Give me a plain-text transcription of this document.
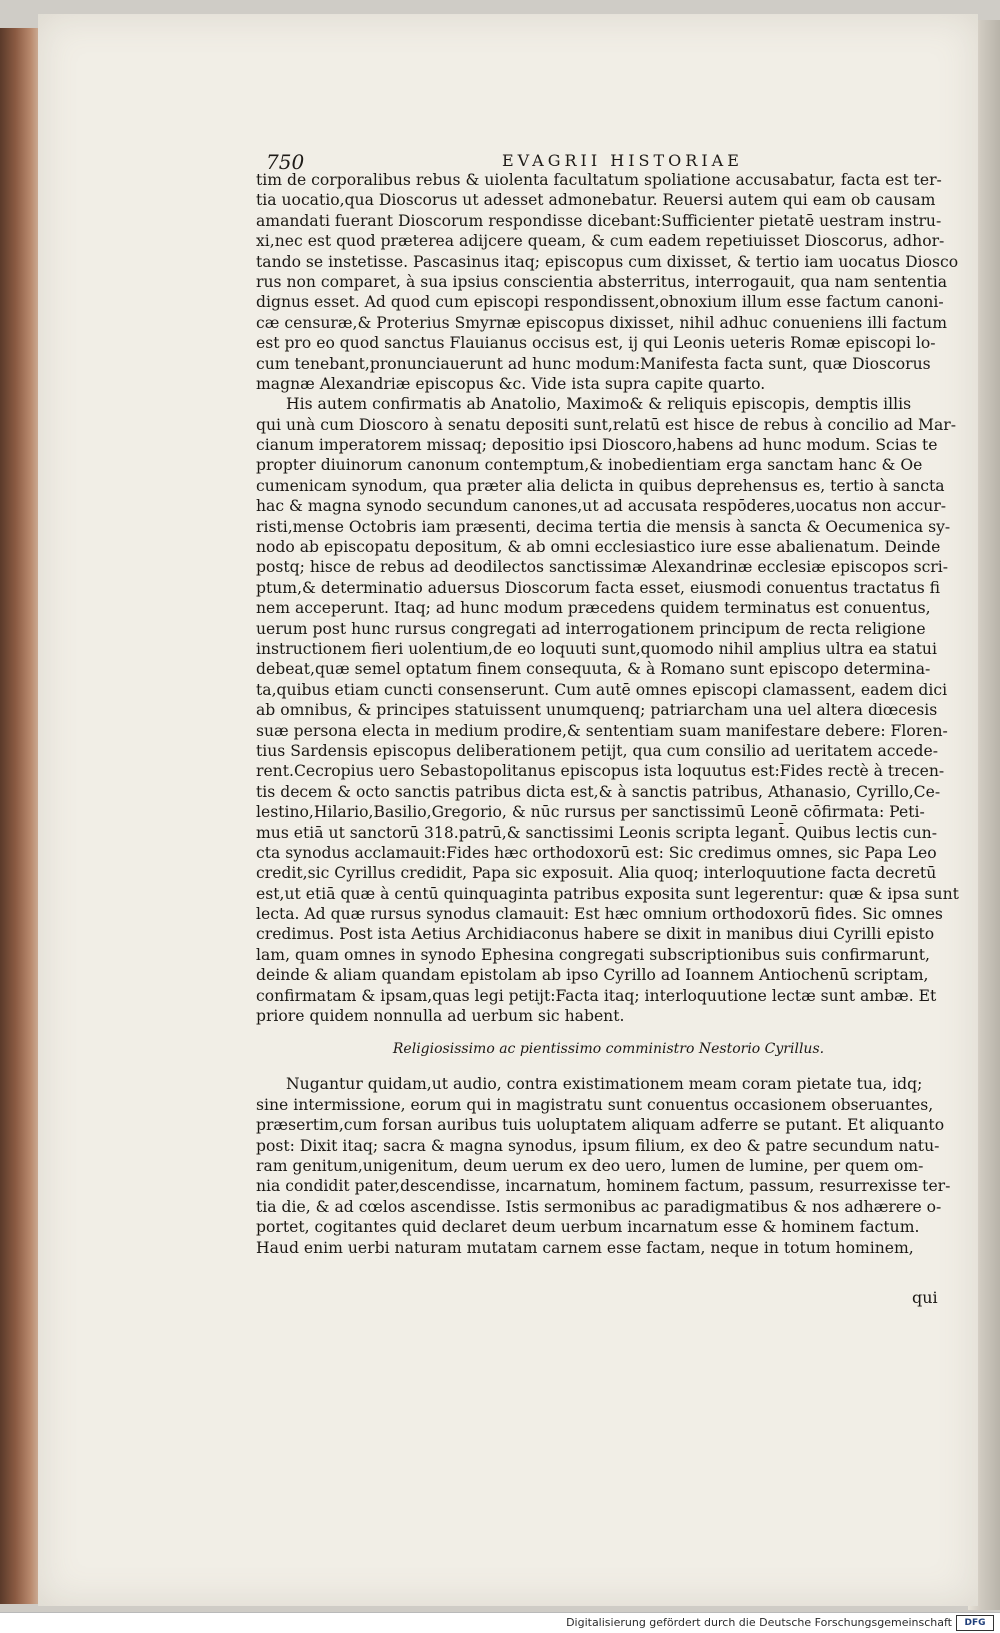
750	EVAGRII HISTORIAE
tim de corporalibus rebus & uiolenta facultatum spoliatione accusabatur, facta est ter-
tia uocatio,qua Dioscorus ut adesset admonebatur. Reuersi autem qui eam ob causam
amandati fuerant Dioscorum respondisse dicebant:Sufficienter pietatē uestram instru-
xi,nec est quod præterea adijcere queam, & cum eadem repetiuisset Dioscorus, adhor-
tando se instetisse. Pascasinus itaq; episcopus cum dixisset, & tertio iam uocatus Diosco
rus non comparet, à sua ipsius conscientia absterritus, interrogauit, qua nam sententia
dignus esset. Ad quod cum episcopi respondissent,obnoxium illum esse factum canoni-
cæ censuræ,& Proterius Smyrnæ episcopus dixisset, nihil adhuc conueniens illi factum
est pro eo quod sanctus Flauianus occisus est, ij qui Leonis ueteris Romæ episcopi lo-
cum tenebant,pronunciauerunt ad hunc modum:Manifesta facta sunt, quæ Dioscorus
magnæ Alexandriæ episcopus &c. Vide ista supra capite quarto.
His autem confirmatis ab Anatolio, Maximo& & reliquis episcopis, demptis illis
qui unà cum Dioscoro à senatu depositi sunt,relatū est hisce de rebus à concilio ad Mar-
cianum imperatorem missaq; depositio ipsi Dioscoro,habens ad hunc modum. Scias te
propter diuinorum canonum contemptum,& inobedientiam erga sanctam hanc & Oe
cumenicam synodum, qua præter alia delicta in quibus deprehensus es, tertio à sancta
hac & magna synodo secundum canones,ut ad accusata respōderes,uocatus non accur-
risti,mense Octobris iam præsenti, decima tertia die mensis à sancta & Oecumenica sy-
nodo ab episcopatu depositum, & ab omni ecclesiastico iure esse abalienatum. Deinde
postq; hisce de rebus ad deodilectos sanctissimæ Alexandrinæ ecclesiæ episcopos scri-
ptum,& determinatio aduersus Dioscorum facta esset, eiusmodi conuentus tractatus fi
nem acceperunt. Itaq; ad hunc modum præcedens quidem terminatus est conuentus,
uerum post hunc rursus congregati ad interrogationem principum de recta religione
instructionem fieri uolentium,de eo loquuti sunt,quomodo nihil amplius ultra ea statui
debeat,quæ semel optatum finem consequuta, & à Romano sunt episcopo determina-
ta,quibus etiam cuncti consenserunt. Cum autē omnes episcopi clamassent, eadem dici
ab omnibus, & principes statuissent unumquenq; patriarcham una uel altera diœcesis
suæ persona electa in medium prodire,& sententiam suam manifestare debere: Floren-
tius Sardensis episcopus deliberationem petijt, qua cum consilio ad ueritatem accede-
rent.Cecropius uero Sebastopolitanus episcopus ista loquutus est:Fides rectè à trecen-
tis decem & octo sanctis patribus dicta est,& à sanctis patribus, Athanasio, Cyrillo,Ce-
lestino,Hilario,Basilio,Gregorio, & nūc rursus per sanctissimū Leonē cōfirmata: Peti-
mus etiā ut sanctorū 318.patrū,& sanctissimi Leonis scripta legant̄. Quibus lectis cun-
cta synodus acclamauit:Fides hæc orthodoxorū est: Sic credimus omnes, sic Papa Leo
credit,sic Cyrillus credidit, Papa sic exposuit. Alia quoq; interloquutione facta decretū
est,ut etiā quæ à centū quinquaginta patribus exposita sunt legerentur: quæ & ipsa sunt
lecta. Ad quæ rursus synodus clamauit: Est hæc omnium orthodoxorū fides. Sic omnes
credimus. Post ista Aetius Archidiaconus habere se dixit in manibus diui Cyrilli episto
lam, quam omnes in synodo Ephesina congregati subscriptionibus suis confirmarunt,
deinde & aliam quandam epistolam ab ipso Cyrillo ad Ioannem Antiochenū scriptam,
confirmatam & ipsam,quas legi petijt:Facta itaq; interloquutione lectæ sunt ambæ. Et
priore quidem nonnulla ad uerbum sic habent.
Religiosissimo ac pientissimo comministro Nestorio Cyrillus.
Nugantur quidam,ut audio, contra existimationem meam coram pietate tua, idq;
sine intermissione, eorum qui in magistratu sunt conuentus occasionem obseruantes,
præsertim,cum forsan auribus tuis uoluptatem aliquam adferre se putant. Et aliquanto
post: Dixit itaq; sacra & magna synodus, ipsum filium, ex deo & patre secundum natu-
ram genitum,unigenitum, deum uerum ex deo uero, lumen de lumine, per quem om-
nia condidit pater,descendisse, incarnatum, hominem factum, passum, resurrexisse ter-
tia die, & ad cœlos ascendisse. Istis sermonibus ac paradigmatibus & nos adhærere o-
portet, cogitantes quid declaret deum uerbum incarnatum esse & hominem factum.
Haud enim uerbi naturam mutatam carnem esse factam, neque in totum hominem,
qui
Digitalisierung gefördert durch die Deutsche Forschungsgemeinschaft	DFG
